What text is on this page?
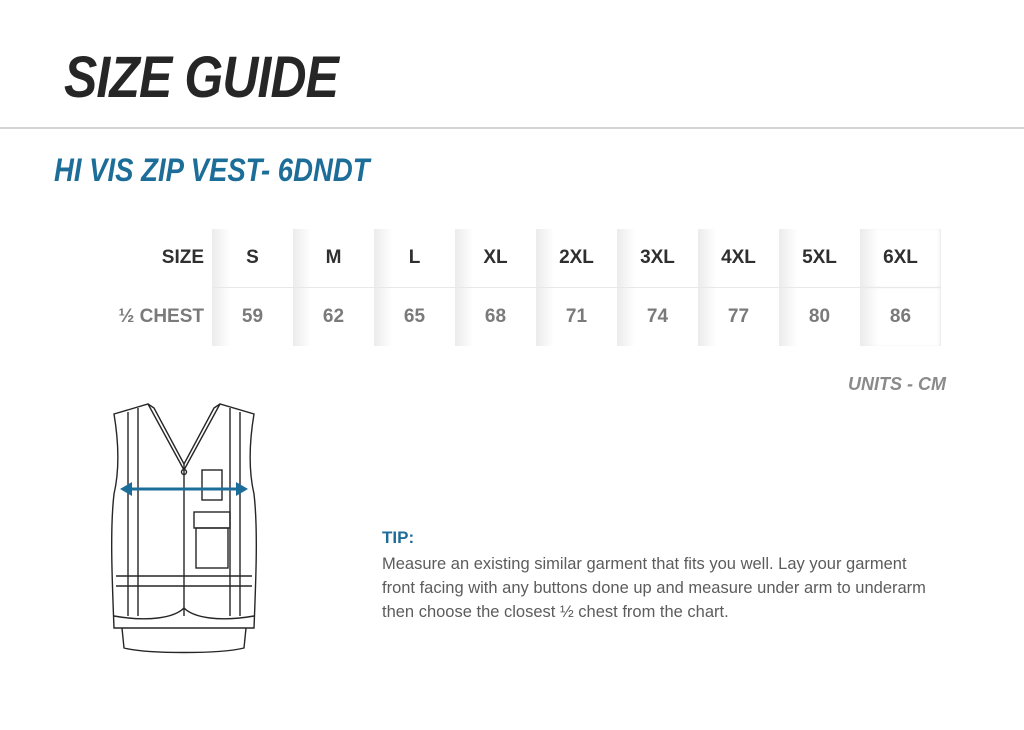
SIZE GUIDE
HI VIS ZIP VEST- 6DNDT
SIZE	S	M	L	XL	2XL	3XL	4XL	5XL	6XL
½ CHEST	59	62	65	68	71	74	77	80	86
UNITS - CM
TIP:

Measure an existing similar garment that fits you well. Lay your garment front facing with any buttons done up and measure under arm to underarm then choose the closest ½ chest from the chart.
